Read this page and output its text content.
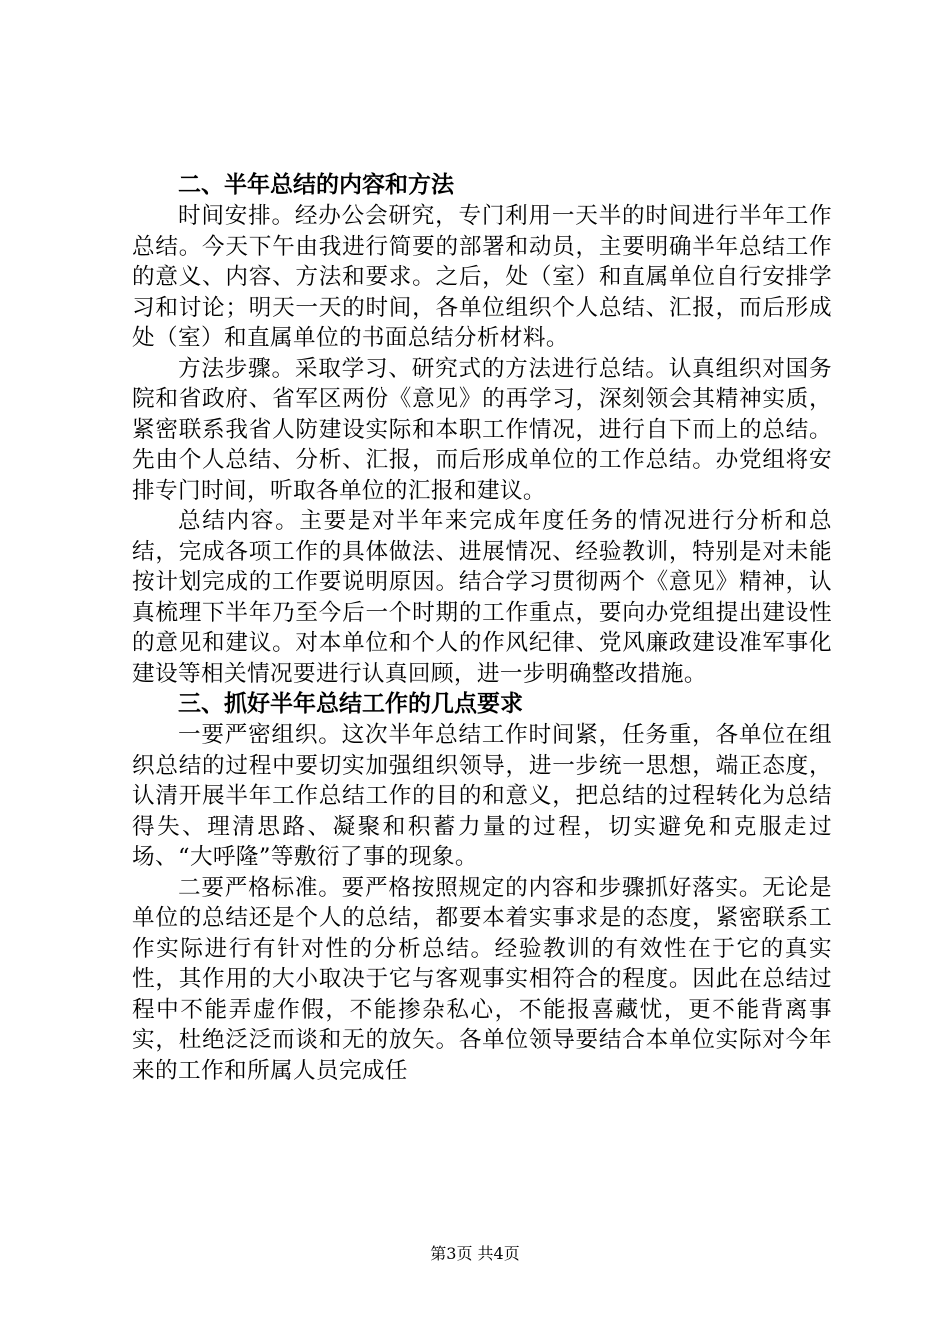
二、半年总结的内容和方法

时间安排。经办公会研究，专门利用一天半的时间进行半年工作总结。今天下午由我进行简要的部署和动员，主要明确半年总结工作的意义、内容、方法和要求。之后，处（室）和直属单位自行安排学习和讨论；明天一天的时间，各单位组织个人总结、汇报，而后形成处（室）和直属单位的书面总结分析材料。

方法步骤。采取学习、研究式的方法进行总结。认真组织对国务院和省政府、省军区两份《意见》的再学习，深刻领会其精神实质，紧密联系我省人防建设实际和本职工作情况，进行自下而上的总结。先由个人总结、分析、汇报，而后形成单位的工作总结。办党组将安排专门时间，听取各单位的汇报和建议。

总结内容。主要是对半年来完成年度任务的情况进行分析和总结，完成各项工作的具体做法、进展情况、经验教训，特别是对未能按计划完成的工作要说明原因。结合学习贯彻两个《意见》精神，认真梳理下半年乃至今后一个时期的工作重点，要向办党组提出建设性的意见和建议。对本单位和个人的作风纪律、党风廉政建设准军事化建设等相关情况要进行认真回顾，进一步明确整改措施。

三、抓好半年总结工作的几点要求

一要严密组织。这次半年总结工作时间紧，任务重，各单位在组织总结的过程中要切实加强组织领导，进一步统一思想，端正态度，认清开展半年工作总结工作的目的和意义，把总结的过程转化为总结得失、理清思路、凝聚和积蓄力量的过程，切实避免和克服走过场、“大呼隆”等敷衍了事的现象。

二要严格标准。要严格按照规定的内容和步骤抓好落实。无论是单位的总结还是个人的总结，都要本着实事求是的态度，紧密联系工作实际进行有针对性的分析总结。经验教训的有效性在于它的真实性，其作用的大小取决于它与客观事实相符合的程度。因此在总结过程中不能弄虚作假，不能掺杂私心，不能报喜藏忧，更不能背离事实，杜绝泛泛而谈和无的放矢。各单位领导要结合本单位实际对今年来的工作和所属人员完成任

第3页 共4页
